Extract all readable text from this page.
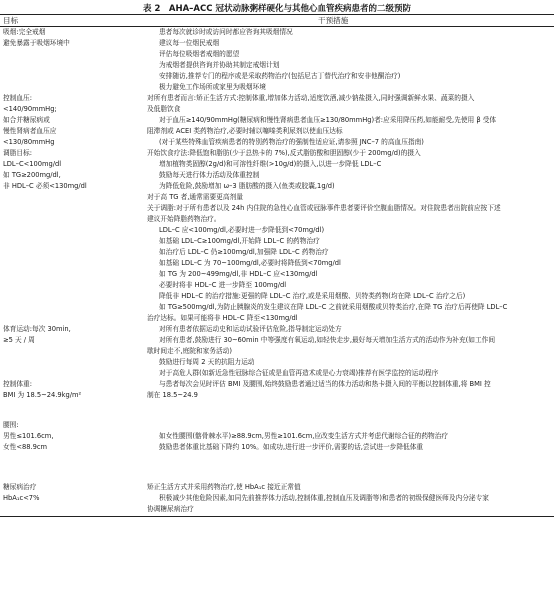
表 2　AHA–ACC 冠状动脉粥样硬化与其他心血管疾病患者的二级预防
目标	干预措施
吸烟:完全戒烟
避免暴露于吸烟环境中
患者每次就诊时或访问时都应咨询其吸烟情况
建议每一位烟民戒烟
评估每位吸烟者戒烟的愿望
为戒烟者提供咨询并协助其制定戒烟计划
安排随访,推荐专门的程序或是采取药物治疗(包括尼古丁替代治疗和安非他酮治疗)
极力避免工作场所或家里为吸烟环境
控制血压:
<140/90mmHg;
如合并糖尿病或
慢性肾病者血压应
<130/80mmHg
对所有患者而言:矫正生活方式:控制体重,增加体力活动,适度饮酒,减少钠盐摄入,同时强调新鲜水果、蔬菜的摄入
及低脂饮食
对于血压≥140/90mmHg(糖尿病和慢性肾病患者血压≥130/80mmHg)者:应采用降压药,如能耐受,先使用 β 受体
阻滞剂或 ACEI 类药物治疗,必要时辅以噻嗪类利尿剂以使血压达标
(对于某些特殊血管疾病患者的特别药物治疗的强制性适应证,请参照 JNC–7 的高血压指南)
调脂目标:
LDL–C<100mg/dl
如 TG≥200mg/dl,
非 HDL–C 必须<130mg/dl
开始饮食疗法:降低饱和脂肪(少于总热卡的 7%),反式脂肪酸和胆固醇(少于 200mg/d)的摄入
增加植物类固醇(2g/d)和可溶性纤维(>10g/d)的摄入,以进一步降低 LDL–C
鼓励每天进行体力活动及体重控制
为降低危险,鼓励增加 ω–3 脂肪酸的摄入(鱼类或胶囊,1g/d)
对于高 TG 者,通常需要更高剂量
关于调脂:对于所有患者以及 24h 内住院的急性心血管或冠脉事件患者要评价空腹血脂情况。对住院患者出院前应按下述
建议开始降脂药物治疗。
LDL–C 应<100mg/dl,必要时进一步降低到<70mg/dl)
如基础 LDL–C≥100mg/dl,开始降 LDL–C 的药物治疗
如治疗后 LDL–C 仍≥100mg/dl,加强降 LDL–C 药物治疗
如基础 LDL–C 为 70~100mg/dl,必要时将降低到<70mg/dl
如 TG 为 200~499mg/dl,非 HDL–C 应<130mg/dl
必要时将非 HDL–C 进一步降至 100mg/dl
降低非 HDL–C 的治疗措施:更强的降 LDL–C 治疗,或是采用烟酸、贝特类药物(均在降 LDL–C 治疗之后)
如 TG≥500mg/dl,为防止胰腺炎的发生建议在降 LDL–C 之前就采用烟酸或贝特类治疗,在降 TG 治疗后再使降 LDL–C
治疗达标。如果可能将非 HDL–C 降至<130mg/dl
体育运动:每次 30min,
≥5 天 / 周
对所有患者依据运动史和运动试验评估危险,指导制定运动处方
对所有患者,鼓励进行 30~60min 中等强度有氧运动,如轻快走步,最好每天增加生活方式的活动作为补充(如工作间
歇时间走不,庭院和家务活动)
鼓励进行每周 2 天的抗阻力运动
对于高危人群(如新近急性冠脉综合征或是血管再造术或是心力衰竭)推荐有医学监控的运动程序
控制体重:
BMI 为 18.5~24.9kg/m²
与患者每次会见时评估 BMI 及腰围,始终鼓励患者通过适当的体力活动和热卡摄入间的平衡以控制体重,将 BMI 控
制在 18.5~24.9
腰围:
男性≤101.6cm,
女性<88.9cm
如女性腰围(髂骨棘水平)≥88.9cm,男性≥101.6cm,应改变生活方式并考虑代谢综合征的药物治疗
鼓励患者体重比基础下降约 10%。如成功,进行进一步评价,需要的话,尝试进一步降低体重
糖尿病治疗
HbA₁c<7%
矫正生活方式并采用药物治疗,使 HbA₁c 接近正常值
积极减少其他危险因素,如同先前推荐体力活动,控制体重,控制血压及调脂等)和患者的初级保健医师及内分泌专家
协调糖尿病治疗
